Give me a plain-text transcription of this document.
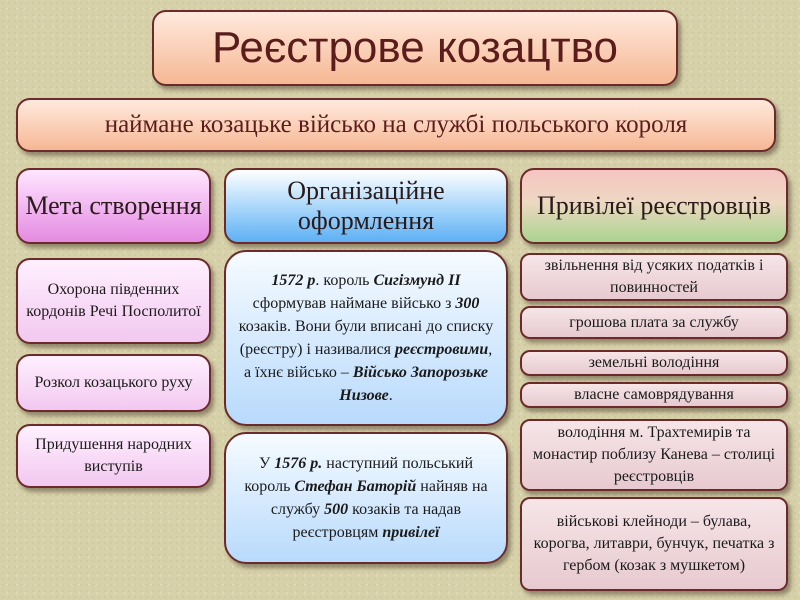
Реєстрове козацтво
наймане козацьке військо на службі польського короля
Мета створення
Організаційне оформлення
Привілеї реєстровців
Охорона південних кордонів Речі Посполитої
Розкол козацького руху
Придушення народних виступів
1572 р. король Сигізмунд ІІ сформував наймане військо з 300 козаків. Вони були вписані до списку (реєстру) і називалися реєстровими, а їхнє військо – Військо Запорозьке Низове.
У 1576 р. наступний польський король Стефан Баторій найняв на службу 500 козаків та надав реєстровцям привілеї
звільнення від усяких податків і повинностей
грошова плата за службу
земельні володіння
власне самоврядування
володіння м. Трахтемирів та монастир поблизу Канева – столиці реєстровців
військові клейноди – булава, корогва, литаври, бунчук, печатка з гербом (козак з мушкетом)
